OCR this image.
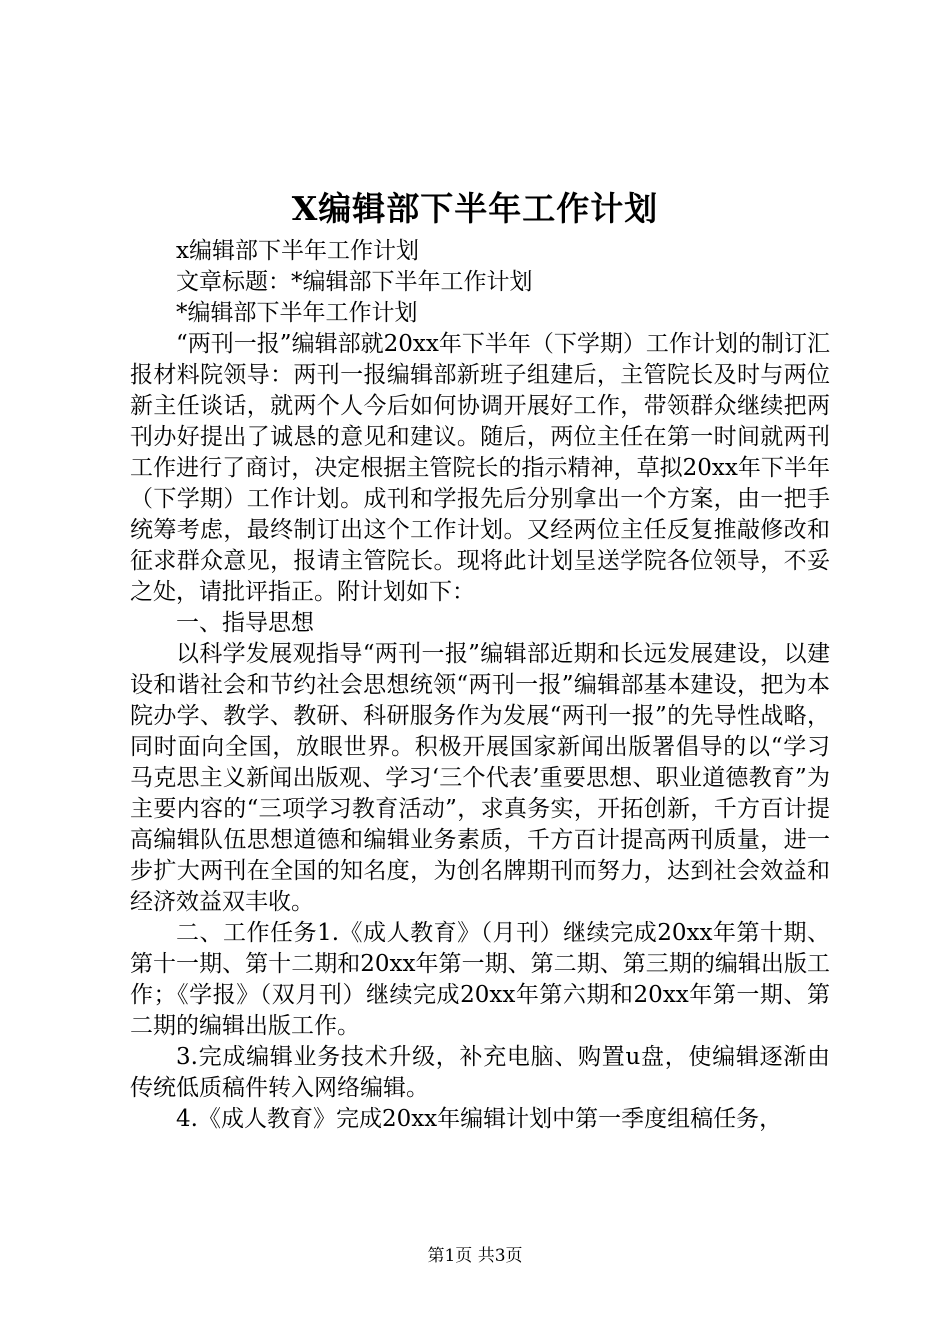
X编辑部下半年工作计划

x编辑部下半年工作计划

文章标题：*编辑部下半年工作计划

*编辑部下半年工作计划

“两刊一报”编辑部就20xx年下半年（下学期）工作计划的制订汇报材料院领导：两刊一报编辑部新班子组建后，主管院长及时与两位新主任谈话，就两个人今后如何协调开展好工作，带领群众继续把两刊办好提出了诚恳的意见和建议。随后，两位主任在第一时间就两刊工作进行了商讨，决定根据主管院长的指示精神，草拟20xx年下半年（下学期）工作计划。成刊和学报先后分别拿出一个方案，由一把手统筹考虑，最终制订出这个工作计划。又经两位主任反复推敲修改和征求群众意见，报请主管院长。现将此计划呈送学院各位领导，不妥之处，请批评指正。附计划如下：

一、指导思想

以科学发展观指导“两刊一报”编辑部近期和长远发展建设，以建设和谐社会和节约社会思想统领“两刊一报”编辑部基本建设，把为本院办学、教学、教研、科研服务作为发展“两刊一报”的先导性战略，同时面向全国，放眼世界。积极开展国家新闻出版署倡导的以“学习马克思主义新闻出版观、学习‘三个代表’重要思想、职业道德教育”为主要内容的“三项学习教育活动”，求真务实，开拓创新，千方百计提高编辑队伍思想道德和编辑业务素质，千方百计提高两刊质量，进一步扩大两刊在全国的知名度，为创名牌期刊而努力，达到社会效益和经济效益双丰收。

二、工作任务1.《成人教育》（月刊）继续完成20xx年第十期、第十一期、第十二期和20xx年第一期、第二期、第三期的编辑出版工作；《学报》（双月刊）继续完成20xx年第六期和20xx年第一期、第二期的编辑出版工作。

3.完成编辑业务技术升级，补充电脑、购置u盘，使编辑逐渐由传统低质稿件转入网络编辑。

4.《成人教育》完成20xx年编辑计划中第一季度组稿任务，

第1页 共3页
